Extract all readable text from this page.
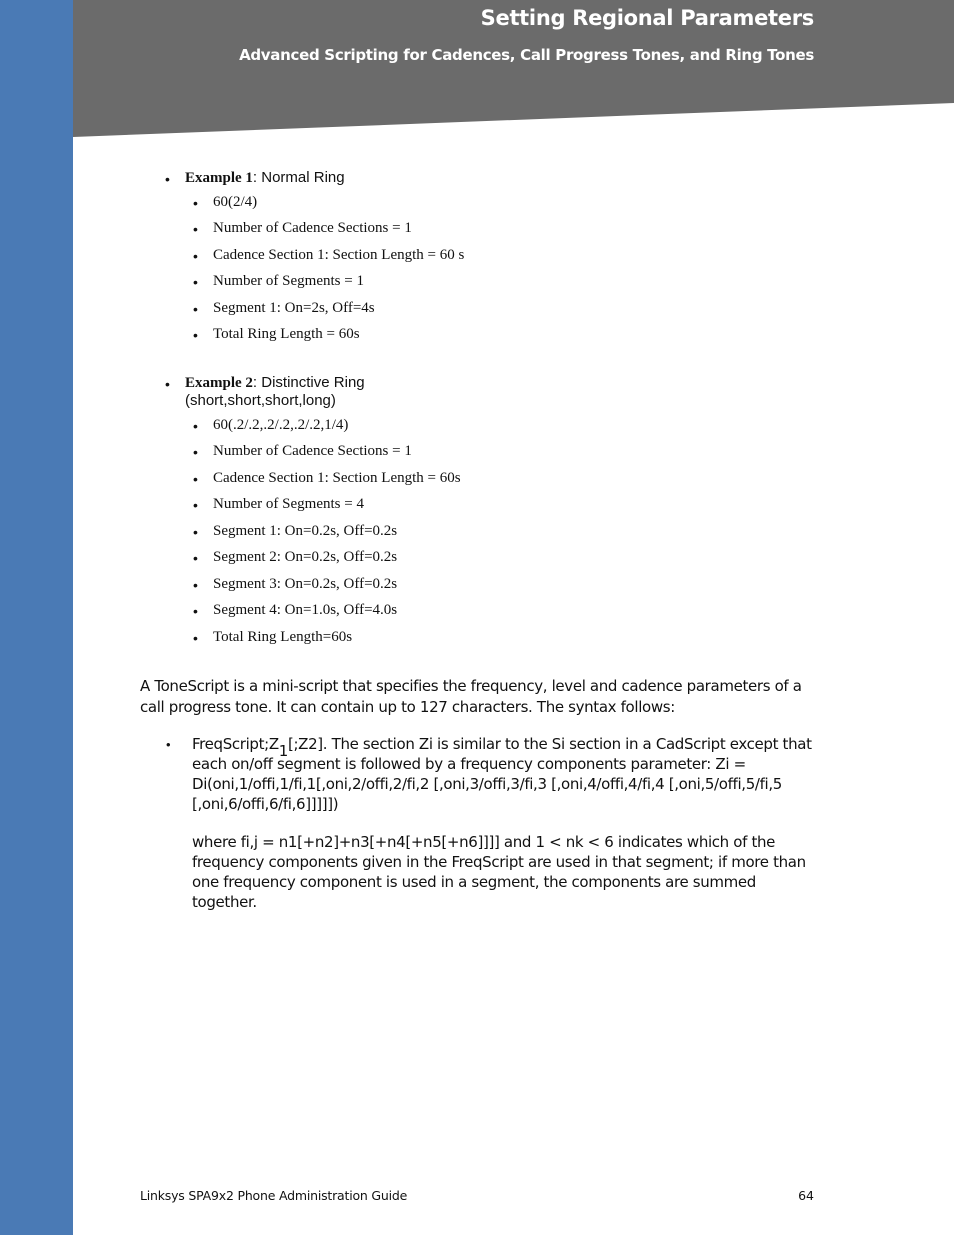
Setting Regional Parameters
Advanced Scripting for Cadences, Call Progress Tones, and Ring Tones
• Example 1: Normal Ring
• 60(2/4)
• Number of Cadence Sections = 1
• Cadence Section 1: Section Length = 60 s
• Number of Segments = 1
• Segment 1: On=2s, Off=4s
• Total Ring Length = 60s
• Example 2: Distinctive Ring (short,short,short,long)
• 60(.2/.2,.2/.2,.2/.2,1/4)
• Number of Cadence Sections = 1
• Cadence Section 1: Section Length = 60s
• Number of Segments = 4
• Segment 1: On=0.2s, Off=0.2s
• Segment 2: On=0.2s, Off=0.2s
• Segment 3: On=0.2s, Off=0.2s
• Segment 4: On=1.0s, Off=4.0s
• Total Ring Length=60s
A ToneScript is a mini-script that specifies the frequency, level and cadence parameters of a call progress tone. It can contain up to 127 characters. The syntax follows:
• FreqScript;Z1[;Z2]. The section Zi is similar to the Si section in a CadScript except that each on/off segment is followed by a frequency components parameter: Zi = Di(oni,1/offi,1/fi,1[,oni,2/offi,2/fi,2 [,oni,3/offi,3/fi,3 [,oni,4/offi,4/fi,4 [,oni,5/offi,5/fi,5 [,oni,6/offi,6/fi,6]]]]])
where fi,j = n1[+n2]+n3[+n4[+n5[+n6]]]] and 1 < nk < 6 indicates which of the frequency components given in the FreqScript are used in that segment; if more than one frequency component is used in a segment, the components are summed together.
Linksys SPA9x2 Phone Administration Guide	64
